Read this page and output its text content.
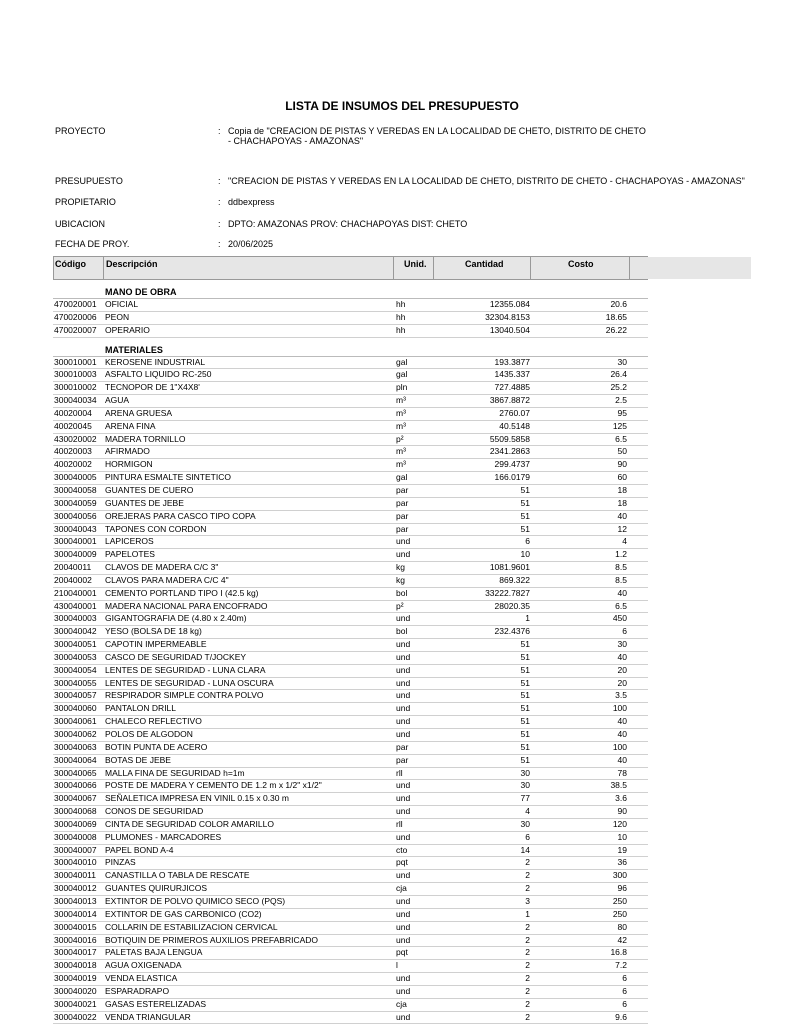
LISTA DE INSUMOS DEL PRESUPUESTO
PROYECTO	: Copia de "CREACION DE PISTAS Y VEREDAS EN LA LOCALIDAD DE CHETO, DISTRITO DE CHETO - CHACHAPOYAS - AMAZONAS"
PRESUPUESTO	: "CREACION DE PISTAS Y VEREDAS EN LA LOCALIDAD DE CHETO, DISTRITO DE CHETO - CHACHAPOYAS - AMAZONAS"
PROPIETARIO	: ddbexpress
UBICACION	: DPTO: AMAZONAS PROV: CHACHAPOYAS DIST: CHETO
FECHA DE PROY.	: 20/06/2025
Código Descripción	Unid.	Cantidad	Costo
MANO DE OBRA
470020001 OFICIAL	hh	12355.084	20.6
470020006 PEON	hh	32304.8153	18.65
470020007 OPERARIO	hh	13040.504	26.22
MATERIALES
300010001 KEROSENE INDUSTRIAL	gal	193.3877	30
300010003 ASFALTO LIQUIDO RC-250	gal	1435.337	26.4
300010002 TECNOPOR DE 1"X4X8'	pln	727.4885	25.2
300040034 AGUA	m³	3867.8872	2.5
40020004 ARENA GRUESA	m³	2760.07	95
40020045 ARENA FINA	m³	40.5148	125
430020002 MADERA TORNILLO	p²	5509.5858	6.5
40020003 AFIRMADO	m³	2341.2863	50
40020002 HORMIGON	m³	299.4737	90
300040005 PINTURA ESMALTE SINTETICO	gal	166.0179	60
300040058 GUANTES DE CUERO	par	51	18
300040059 GUANTES DE JEBE	par	51	18
300040056 OREJERAS PARA CASCO TIPO COPA	par	51	40
300040043 TAPONES CON CORDON	par	51	12
300040001 LAPICEROS	und	6	4
300040009 PAPELOTES	und	10	1.2
20040011 CLAVOS DE MADERA C/C 3"	kg	1081.9601	8.5
20040002 CLAVOS PARA MADERA C/C 4"	kg	869.322	8.5
210040001 CEMENTO PORTLAND TIPO I (42.5 kg)	bol	33222.7827	40
430040001 MADERA NACIONAL PARA ENCOFRADO	p²	28020.35	6.5
300040003 GIGANTOGRAFIA DE (4.80 x 2.40m)	und	1	450
300040042 YESO (BOLSA DE 18 kg)	bol	232.4376	6
300040051 CAPOTIN IMPERMEABLE	und	51	30
300040053 CASCO DE SEGURIDAD T/JOCKEY	und	51	40
300040054 LENTES DE SEGURIDAD - LUNA CLARA	und	51	20
300040055 LENTES DE SEGURIDAD - LUNA OSCURA	und	51	20
300040057 RESPIRADOR SIMPLE CONTRA POLVO	und	51	3.5
300040060 PANTALON DRILL	und	51	100
300040061 CHALECO REFLECTIVO	und	51	40
300040062 POLOS DE ALGODON	und	51	40
300040063 BOTIN PUNTA DE ACERO	par	51	100
300040064 BOTAS DE JEBE	par	51	40
300040065 MALLA FINA DE SEGURIDAD h=1m	rll	30	78
300040066 POSTE DE MADERA Y CEMENTO DE 1.2 m x 1/2" x1/2"	und	30	38.5
300040067 SEÑALETICA IMPRESA EN VINIL 0.15 x 0.30 m	und	77	3.6
300040068 CONOS DE SEGURIDAD	und	4	90
300040069 CINTA DE SEGURIDAD COLOR AMARILLO	rll	30	120
300040008 PLUMONES - MARCADORES	und	6	10
300040007 PAPEL BOND A-4	cto	14	19
300040010 PINZAS	pqt	2	36
300040011 CANASTILLA O TABLA DE RESCATE	und	2	300
300040012 GUANTES QUIRURJICOS	cja	2	96
300040013 EXTINTOR DE POLVO QUIMICO SECO (PQS)	und	3	250
300040014 EXTINTOR DE GAS CARBONICO (CO2)	und	1	250
300040015 COLLARIN DE ESTABILIZACION CERVICAL	und	2	80
300040016 BOTIQUIN DE PRIMEROS AUXILIOS PREFABRICADO	und	2	42
300040017 PALETAS BAJA LENGUA	pqt	2	16.8
300040018 AGUA OXIGENADA	l	2	7.2
300040019 VENDA ELASTICA	und	2	6
300040020 ESPARADRAPO	und	2	6
300040021 GASAS ESTERELIZADAS	cja	2	6
300040022 VENDA TRIANGULAR	und	2	9.6
